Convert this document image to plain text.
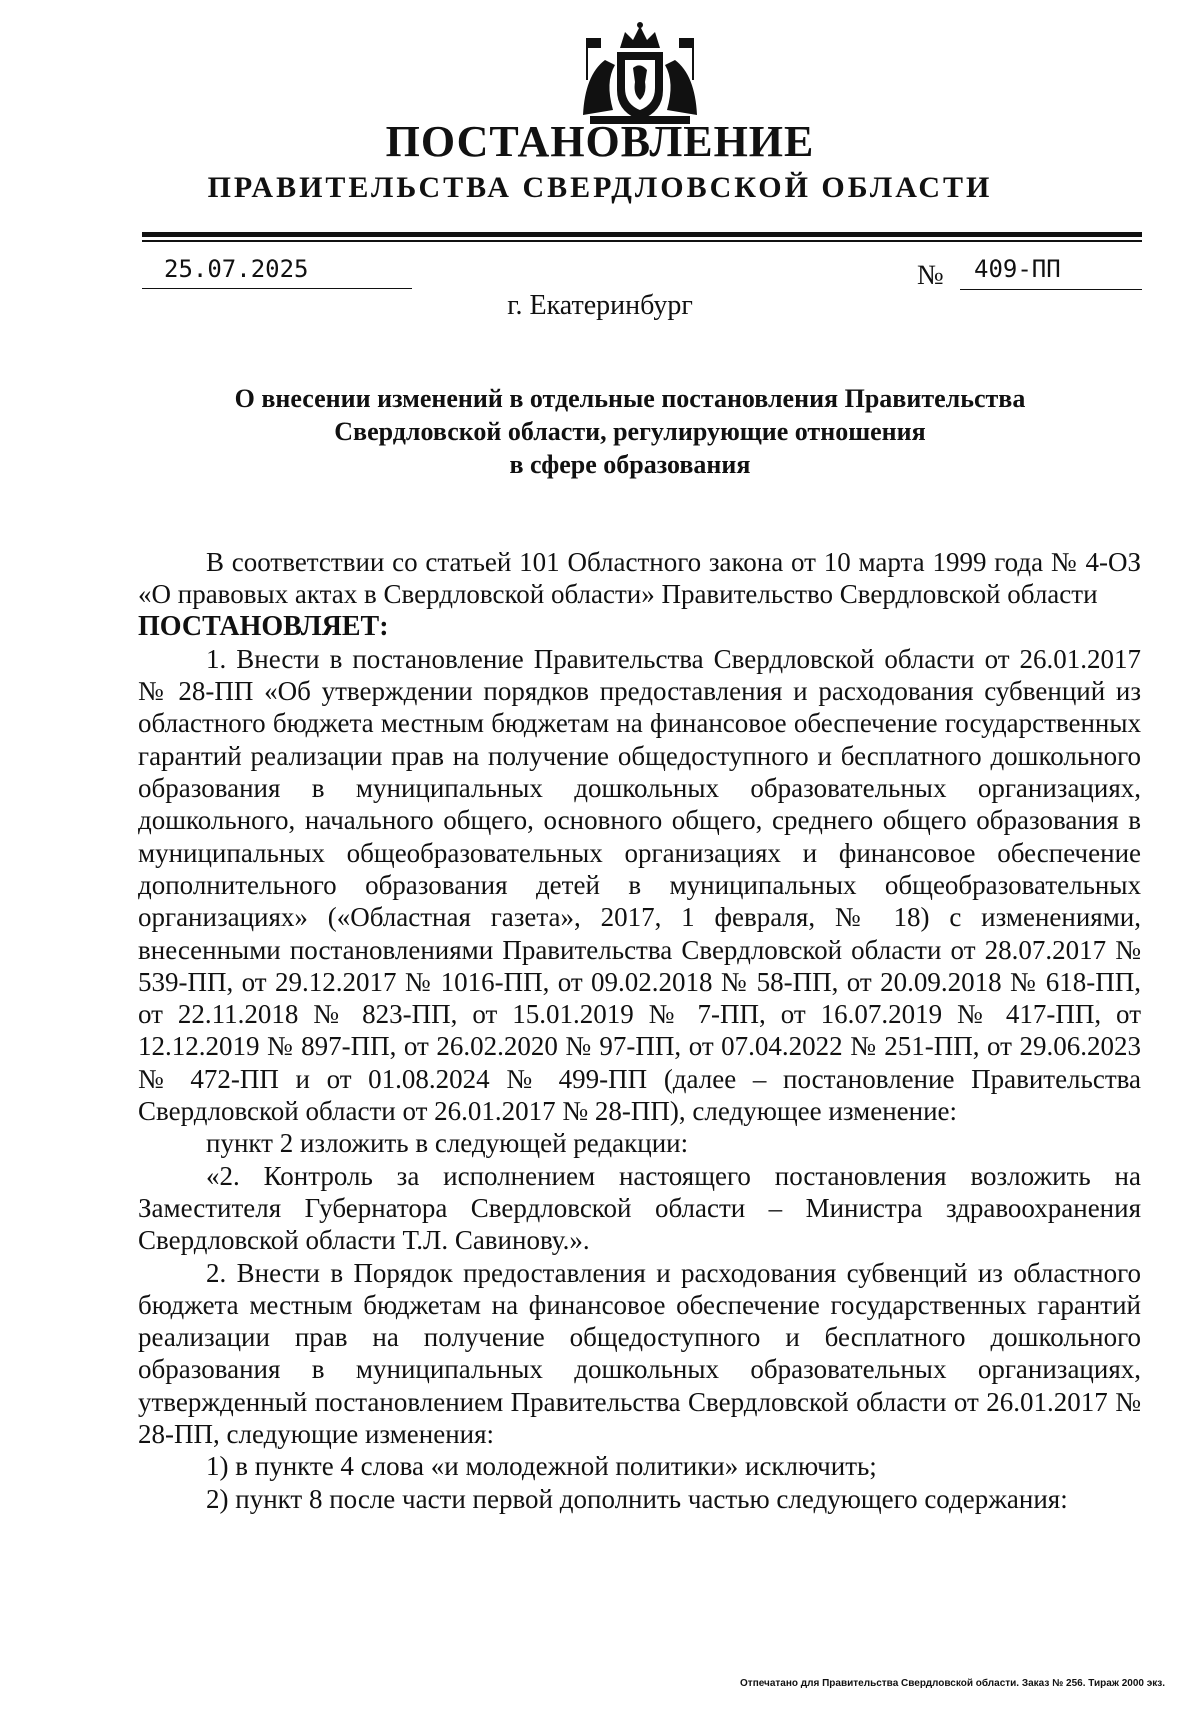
ПОСТАНОВЛЕНИЕ
ПРАВИТЕЛЬСТВА СВЕРДЛОВСКОЙ ОБЛАСТИ
25.07.2025	№	409-ПП
г. Екатеринбург
О внесении изменений в отдельные постановления Правительства
Свердловской области, регулирующие отношения
в сфере образования

В соответствии со статьей 101 Областного закона от 10 марта 1999 года № 4-ОЗ «О правовых актах в Свердловской области» Правительство Свердловской области

ПОСТАНОВЛЯЕТ:

1. Внести в постановление Правительства Свердловской области от 26.01.2017 № 28-ПП «Об утверждении порядков предоставления и расходования субвенций из областного бюджета местным бюджетам на финансовое обеспечение государственных гарантий реализации прав на получение общедоступного и бесплатного дошкольного образования в муниципальных дошкольных образовательных организациях, дошкольного, начального общего, основного общего, среднего общего образования в муниципальных общеобразовательных организациях и финансовое обеспечение дополнительного образования детей в муниципальных общеобразовательных организациях» («Областная газета», 2017, 1 февраля, № 18) с изменениями, внесенными постановлениями Правительства Свердловской области от 28.07.2017 № 539-ПП, от 29.12.2017 № 1016-ПП, от 09.02.2018 № 58-ПП, от 20.09.2018 № 618-ПП, от 22.11.2018 № 823-ПП, от 15.01.2019 № 7-ПП, от 16.07.2019 № 417-ПП, от 12.12.2019 № 897-ПП, от 26.02.2020 № 97-ПП, от 07.04.2022 № 251-ПП, от 29.06.2023 № 472-ПП и от 01.08.2024 № 499-ПП (далее – постановление Правительства Свердловской области от 26.01.2017 № 28-ПП), следующее изменение:

пункт 2 изложить в следующей редакции:

«2. Контроль за исполнением настоящего постановления возложить на Заместителя Губернатора Свердловской области – Министра здравоохранения Свердловской области Т.Л. Савинову.».

2. Внести в Порядок предоставления и расходования субвенций из областного бюджета местным бюджетам на финансовое обеспечение государственных гарантий реализации прав на получение общедоступного и бесплатного дошкольного образования в муниципальных дошкольных образовательных организациях, утвержденный постановлением Правительства Свердловской области от 26.01.2017 № 28-ПП, следующие изменения:

1) в пункте 4 слова «и молодежной политики» исключить;

2) пункт 8 после части первой дополнить частью следующего содержания:

Отпечатано для Правительства Свердловской области. Заказ № 256. Тираж 2000 экз.
